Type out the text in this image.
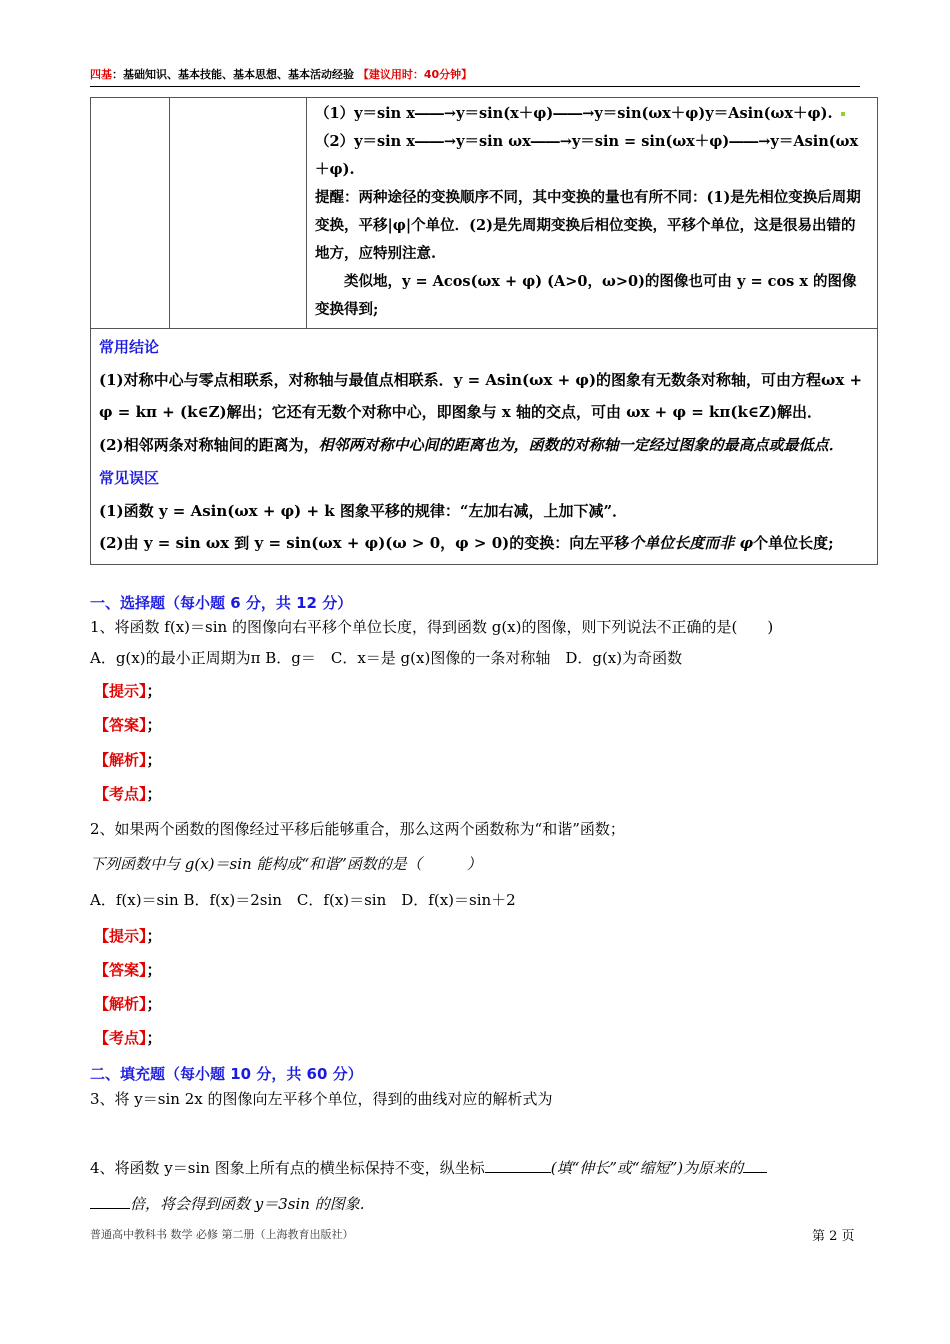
四基：基础知识、基本技能、基本思想、基本活动经验 【建议用时：40分钟】

（1）y＝sin x――→y＝sin(x＋φ)――→y＝sin(ωx＋φ)y＝Asin(ωx＋φ).

（2）y＝sin x――→y＝sin ωx――→y＝sin = sin(ωx＋φ)――→y＝Asin(ωx＋φ).

提醒：两种途径的变换顺序不同，其中变换的量也有所不同：(1)是先相位变换后周期变换，平移|φ|个单位．(2)是先周期变换后相位变换，平移个单位，这是很易出错的地方，应特别注意.

类似地，y = Acos(ωx + φ) (A>0，ω>0)的图像也可由 y = cos x 的图像变换得到;

常用结论

(1)对称中心与零点相联系，对称轴与最值点相联系．y = Asin(ωx + φ)的图象有无数条对称轴，可由方程ωx + φ = kπ + (k∈Z)解出；它还有无数个对称中心，即图象与 x 轴的交点，可由 ωx + φ = kπ(k∈Z)解出．

(2)相邻两条对称轴间的距离为，相邻两对称中心间的距离也为，函数的对称轴一定经过图象的最高点或最低点．

常见误区

(1)函数 y = Asin(ωx + φ) + k 图象平移的规律：“左加右减，上加下减”．

(2)由 y = sin ωx 到 y = sin(ωx + φ)(ω > 0，φ > 0)的变换：向左平移个单位长度而非 φ个单位长度;

一、选择题（每小题 6 分，共 12 分）
1、将函数 f(x)＝sin 的图像向右平移个单位长度，得到函数 g(x)的图像，则下列说法不正确的是(　　)
A．g(x)的最小正周期为π B．g＝　C．x＝是 g(x)图像的一条对称轴　D．g(x)为奇函数
【提示】；
【答案】；
【解析】；
【考点】；
2、如果两个函数的图像经过平移后能够重合，那么这两个函数称为“和谐”函数；
下列函数中与 g(x)＝sin 能构成“和谐”函数的是（　　　）
A．f(x)＝sin B．f(x)＝2sin　C．f(x)＝sin　D．f(x)＝sin＋2
【提示】；
【答案】；
【解析】；
【考点】；
二、填充题（每小题 10 分，共 60 分）
3、将 y＝sin 2x 的图像向左平移个单位，得到的曲线对应的解析式为
4、将函数 y＝sin 图象上所有点的横坐标保持不变，纵坐标	(填“伸长”或“缩短”)为原来的
倍，将会得到函数 y＝3sin 的图象.
普通高中教科书 数学 必修 第二册（上海教育出版社）	第 2 页
